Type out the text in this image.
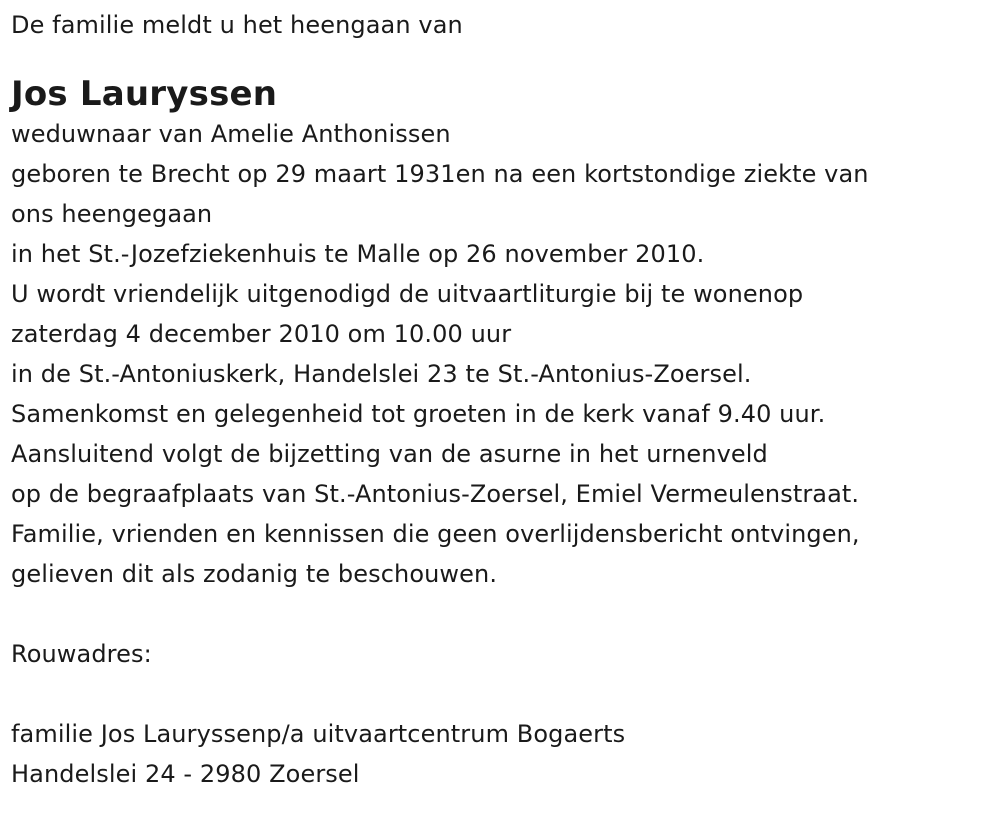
De familie meldt u het heengaan van
Jos Lauryssen
weduwnaar van Amelie Anthonissen
geboren te Brecht op 29 maart 1931en na een kortstondige ziekte van
ons heengegaan
in het St.-Jozefziekenhuis te Malle op 26 november 2010.
U wordt vriendelijk uitgenodigd de uitvaartliturgie bij te wonenop
zaterdag 4 december 2010 om 10.00 uur
in de St.-Antoniuskerk, Handelslei 23 te St.-Antonius-Zoersel.
Samenkomst en gelegenheid tot groeten in de kerk vanaf 9.40 uur.
Aansluitend volgt de bijzetting van de asurne in het urnenveld
op de begraafplaats van St.-Antonius-Zoersel, Emiel Vermeulenstraat.
Familie, vrienden en kennissen die geen overlijdensbericht ontvingen,
gelieven dit als zodanig te beschouwen.
Rouwadres:
familie Jos Lauryssenp/a uitvaartcentrum Bogaerts
Handelslei 24 - 2980 Zoersel
